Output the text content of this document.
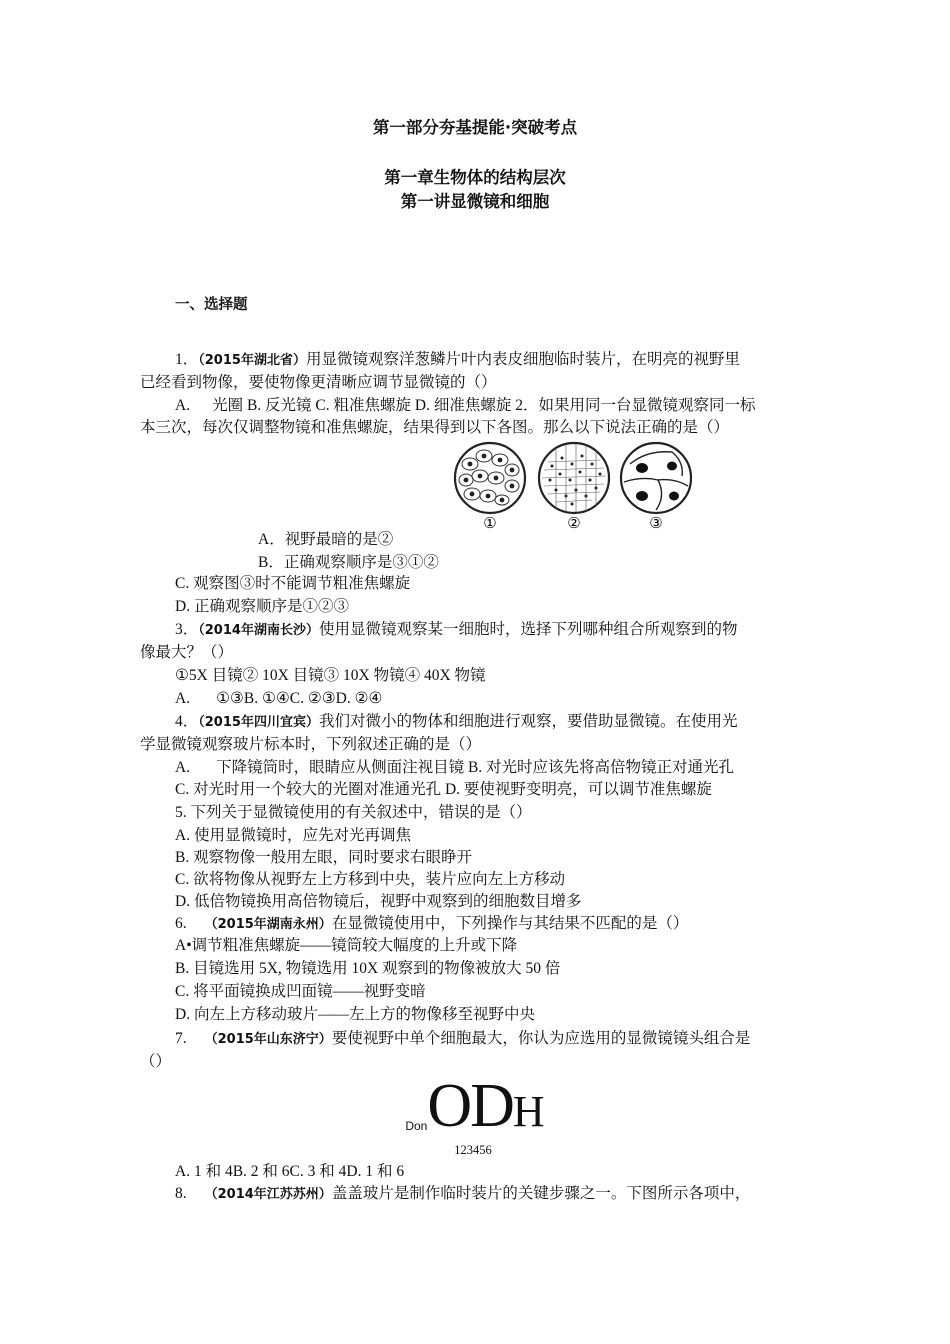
第一部分夯基提能·突破考点
第一章生物体的结构层次
第一讲显微镜和细胞
一、选择题
1．（2015年湖北省）用显微镜观察洋葱鳞片叶内表皮细胞临时装片，在明亮的视野里
已经看到物像，要使物像更清晰应调节显微镜的（）
A. 光圈 B. 反光镜 C. 粗准焦螺旋 D. 细准焦螺旋 2．如果用同一台显微镜观察同一标
本三次，每次仅调整物镜和准焦螺旋，结果得到以下各图。那么以下说法正确的是（）
①	②	③
A．视野最暗的是②
B．正确观察顺序是③①②
C. 观察图③时不能调节粗准焦螺旋
D. 正确观察顺序是①②③
3．（2014年湖南长沙）使用显微镜观察某一细胞时，选择下列哪种组合所观察到的物
像最大？（）
①5X 目镜② 10X 目镜③ 10X 物镜④ 40X 物镜
A. ①③B. ①④C. ②③D. ②④
4．（2015年四川宜宾）我们对微小的物体和细胞进行观察，要借助显微镜。在使用光
学显微镜观察玻片标本时，下列叙述正确的是（）
A. 下降镜筒时，眼睛应从侧面注视目镜 B. 对光时应该先将高倍物镜正对通光孔
C. 对光时用一个较大的光圈对准通光孔 D. 要使视野变明亮，可以调节准焦螺旋
5. 下列关于显微镜使用的有关叙述中，错误的是（）
A. 使用显微镜时，应先对光再调焦
B. 观察物像一般用左眼，同时要求右眼睁开
C. 欲将物像从视野左上方移到中央，装片应向左上方移动
D. 低倍物镜换用高倍物镜后，视野中观察到的细胞数目增多
6. （2015年湖南永州）在显微镜使用中，下列操作与其结果不匹配的是（）
A•调节粗准焦螺旋——镜筒较大幅度的上升或下降
B. 目镜选用 5X, 物镜选用 10X 观察到的物像被放大 50 倍
C. 将平面镜换成凹面镜——视野变暗
D. 向左上方移动玻片——左上方的物像移至视野中央
7. （2015年山东济宁）要使视野中单个细胞最大，你认为应选用的显微镜镜头组合是
（）
$_{Don}$ODH
123456
A. 1 和 4B. 2 和 6C. 3 和 4D. 1 和 6
8. （2014年江苏苏州）盖盖玻片是制作临时装片的关键步骤之一。下图所示各项中，
